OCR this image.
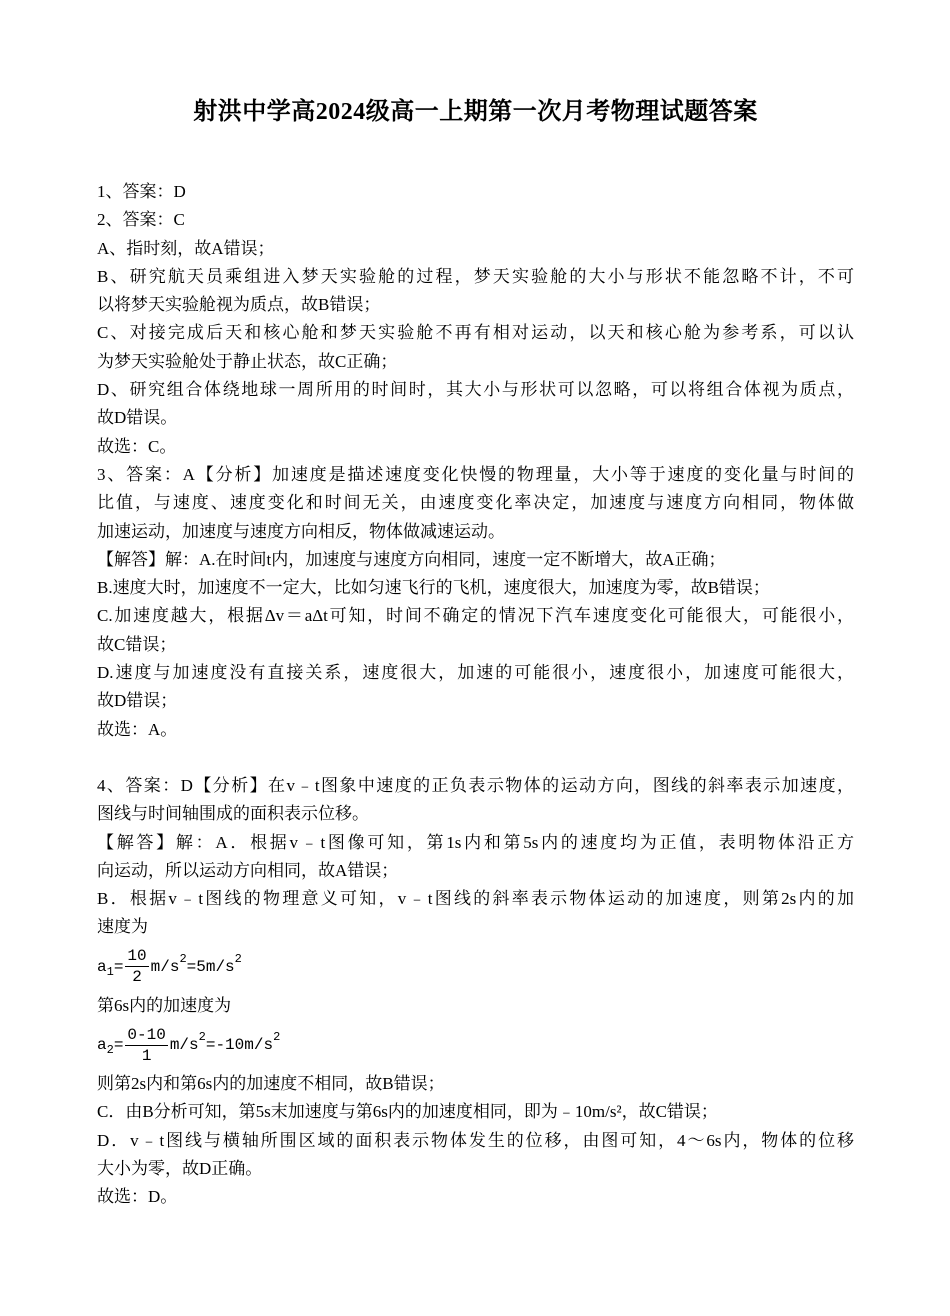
射洪中学高2024级高一上期第一次月考物理试题答案
1、答案：D
2、答案：C
A、指时刻，故A错误；
B、研究航天员乘组进入梦天实验舱的过程，梦天实验舱的大小与形状不能忽略不计，不可
以将梦天实验舱视为质点，故B错误；
C、对接完成后天和核心舱和梦天实验舱不再有相对运动，以天和核心舱为参考系，可以认
为梦天实验舱处于静止状态，故C正确；
D、研究组合体绕地球一周所用的时间时，其大小与形状可以忽略，可以将组合体视为质点，
故D错误。
故选：C。
3、答案：A【分析】加速度是描述速度变化快慢的物理量，大小等于速度的变化量与时间的
比值，与速度、速度变化和时间无关，由速度变化率决定，加速度与速度方向相同，物体做
加速运动，加速度与速度方向相反，物体做减速运动。
【解答】解：A.在时间t内，加速度与速度方向相同，速度一定不断增大，故A正确；
B.速度大时，加速度不一定大，比如匀速飞行的飞机，速度很大，加速度为零，故B错误；
C.加速度越大，根据Δv＝aΔt可知，时间不确定的情况下汽车速度变化可能很大，可能很小，
故C错误；
D.速度与加速度没有直接关系，速度很大，加速的可能很小，速度很小，加速度可能很大，
故D错误；
故选：A。
4、答案：D【分析】在v﹣t图象中速度的正负表示物体的运动方向，图线的斜率表示加速度，
图线与时间轴围成的面积表示位移。
【解答】解：A．根据v﹣t图像可知，第1s内和第5s内的速度均为正值，表明物体沿正方
向运动，所以运动方向相同，故A错误；
B．根据v﹣t图线的物理意义可知，v﹣t图线的斜率表示物体运动的加速度，则第2s内的加
速度为
a $1 = \frac{10}{2} m/s$ 2 =5m/s 2
第6s内的加速度为
a $2 = \frac{0-10}{1} m/s$ 2 =-10m/s 2
则第2s内和第6s内的加速度不相同，故B错误；
C．由B分析可知，第5s末加速度与第6s内的加速度相同，即为﹣10m/s²，故C错误；
D．v﹣t图线与横轴所围区域的面积表示物体发生的位移，由图可知，4～6s内，物体的位移
大小为零，故D正确。
故选：D。
